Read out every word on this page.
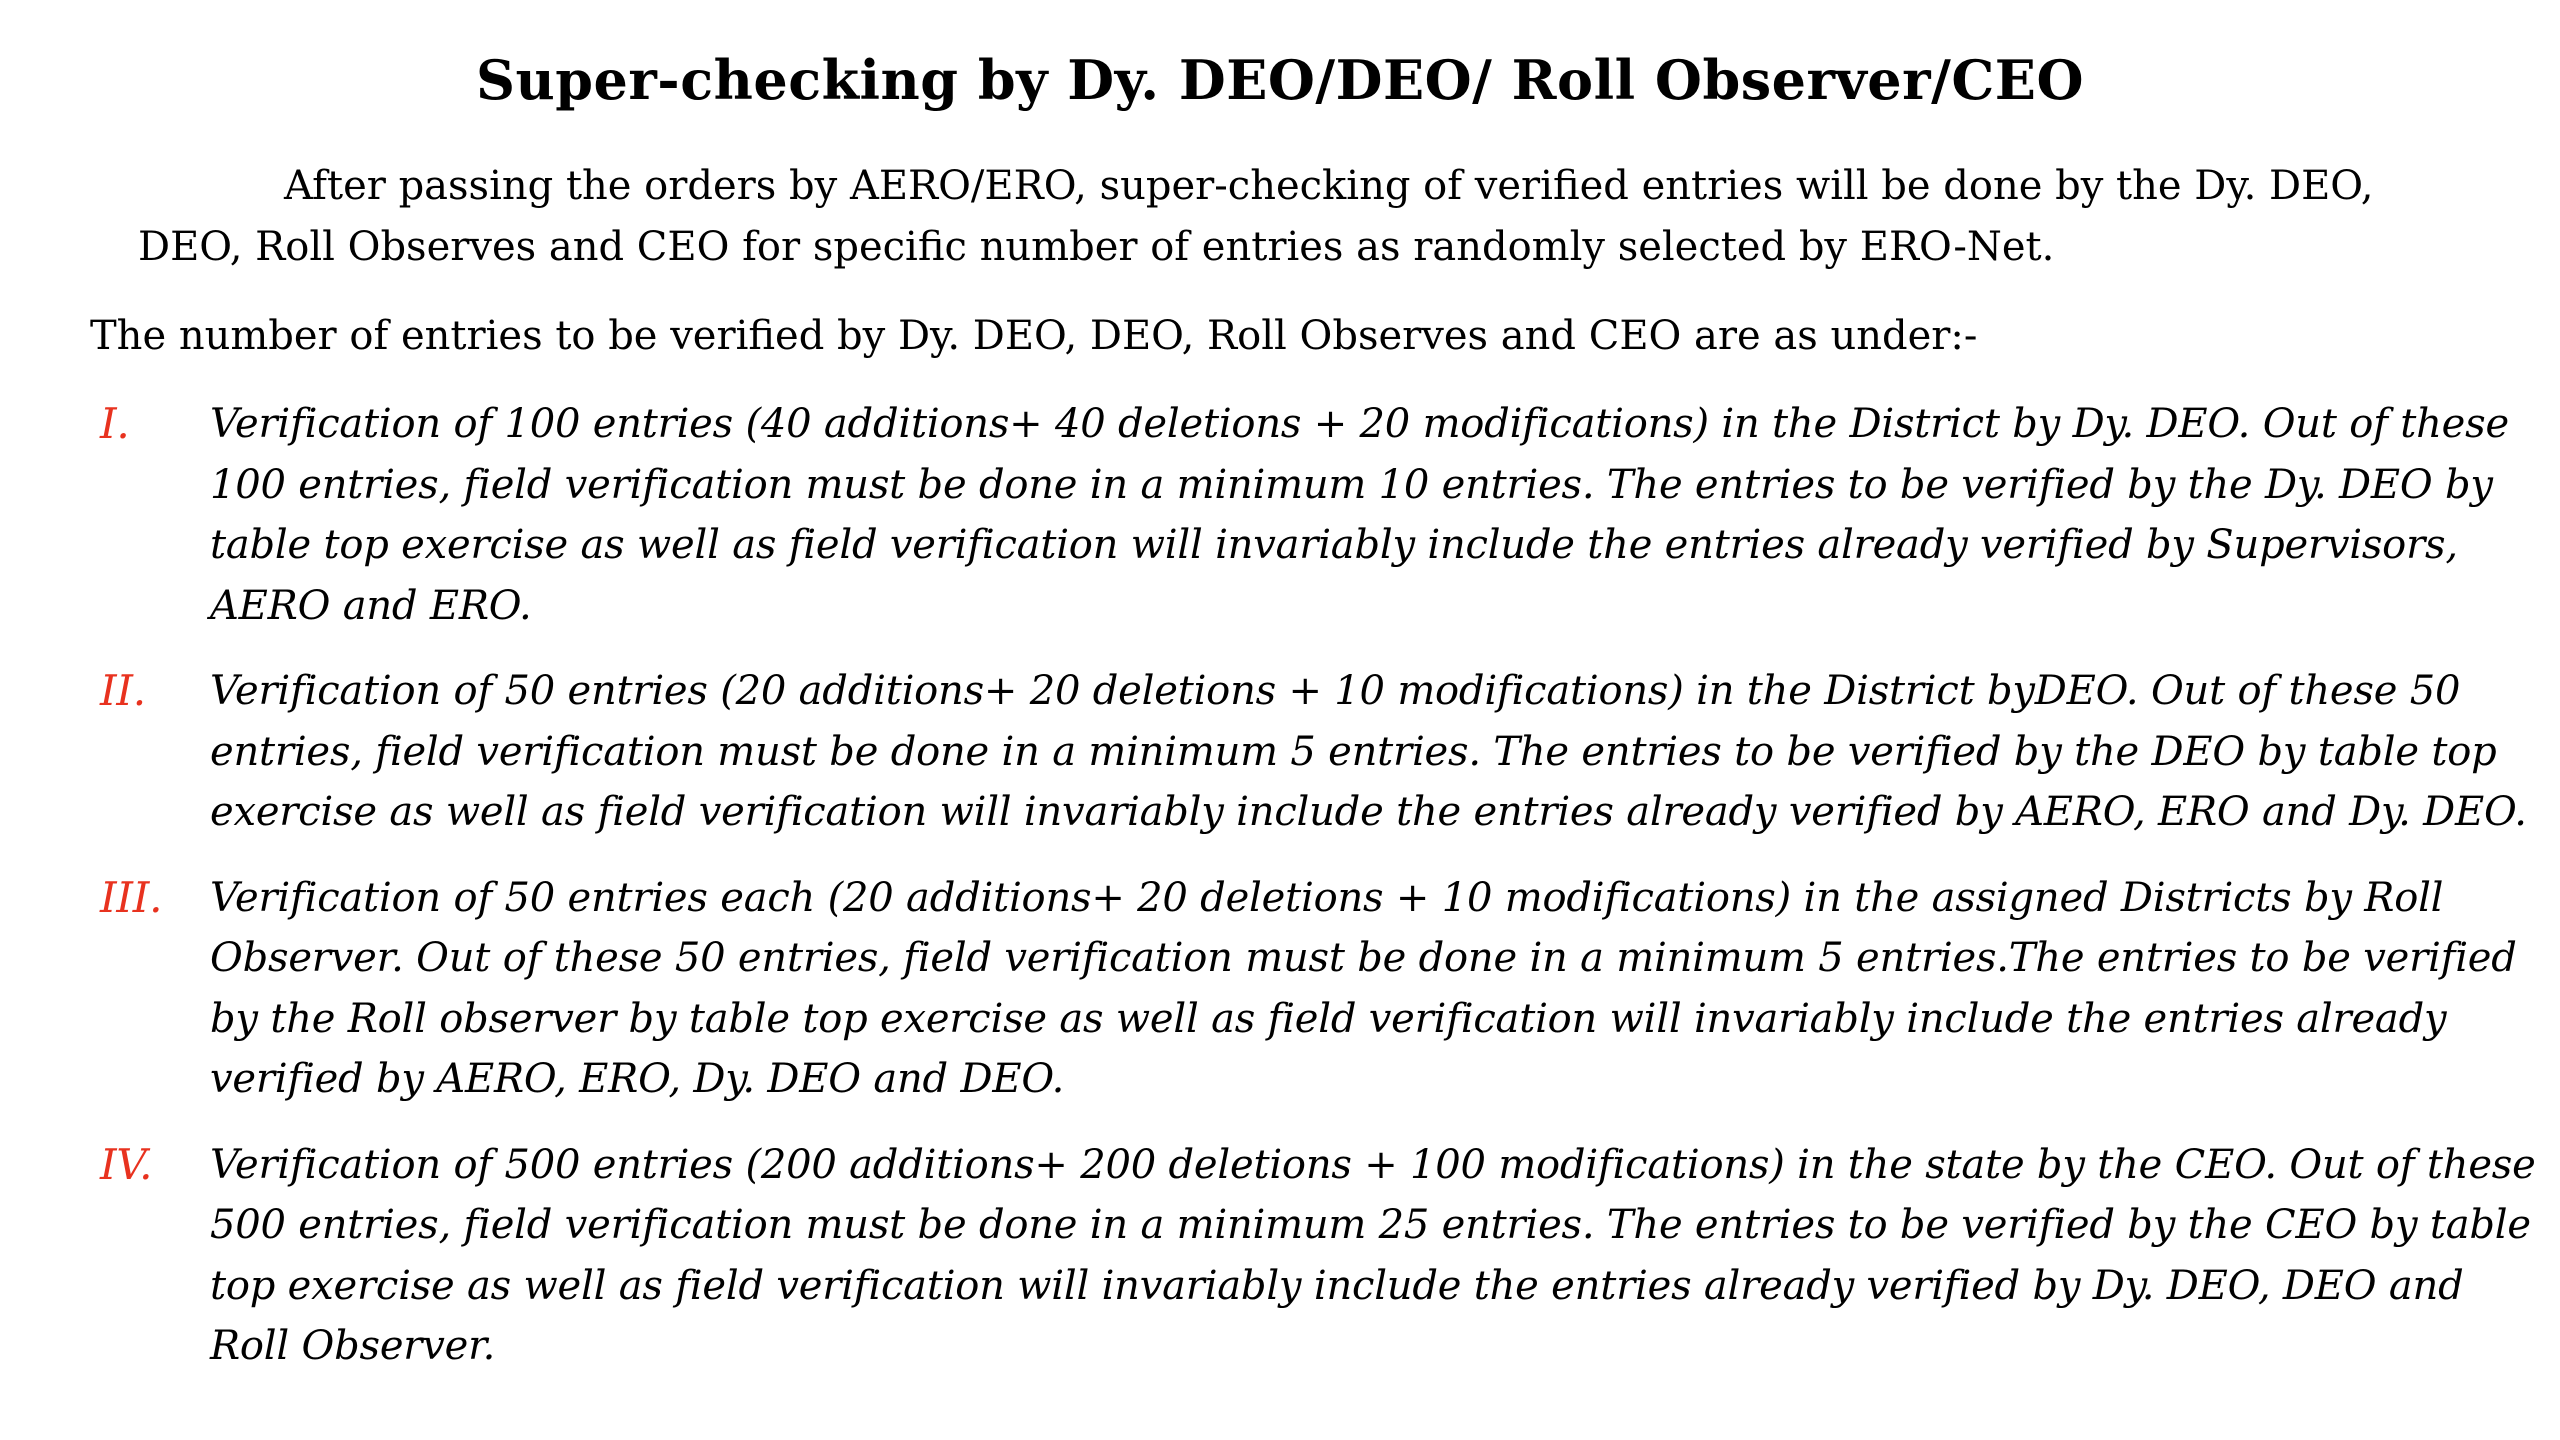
Super-checking by Dy. DEO/DEO/ Roll Observer/CEO

After passing the orders by AERO/ERO, super-checking of verified entries will be done by the Dy. DEO, DEO, Roll Observes and CEO for specific number of entries as randomly selected by ERO-Net.

The number of entries to be verified by Dy. DEO, DEO, Roll Observes and CEO are as under:-

I. Verification of 100 entries (40 additions+ 40 deletions + 20 modifications) in the District by Dy. DEO. Out of these 100 entries, field verification must be done in a minimum 10 entries. The entries to be verified by the Dy. DEO by table top exercise as well as field verification will invariably include the entries already verified by Supervisors, AERO and ERO.
II. Verification of 50 entries (20 additions+ 20 deletions + 10 modifications) in the District byDEO. Out of these 50 entries, field verification must be done in a minimum 5 entries. The entries to be verified by the DEO by table top exercise as well as field verification will invariably include the entries already verified by AERO, ERO and Dy. DEO.
III. Verification of 50 entries each (20 additions+ 20 deletions + 10 modifications) in the assigned Districts by Roll Observer. Out of these 50 entries, field verification must be done in a minimum 5 entries.The entries to be verified by the Roll observer by table top exercise as well as field verification will invariably include the entries already verified by AERO, ERO, Dy. DEO and DEO.
IV. Verification of 500 entries (200 additions+ 200 deletions + 100 modifications) in the state by the CEO. Out of these 500 entries, field verification must be done in a minimum 25 entries. The entries to be verified by the CEO by table top exercise as well as field verification will invariably include the entries already verified by Dy. DEO, DEO and Roll Observer.
